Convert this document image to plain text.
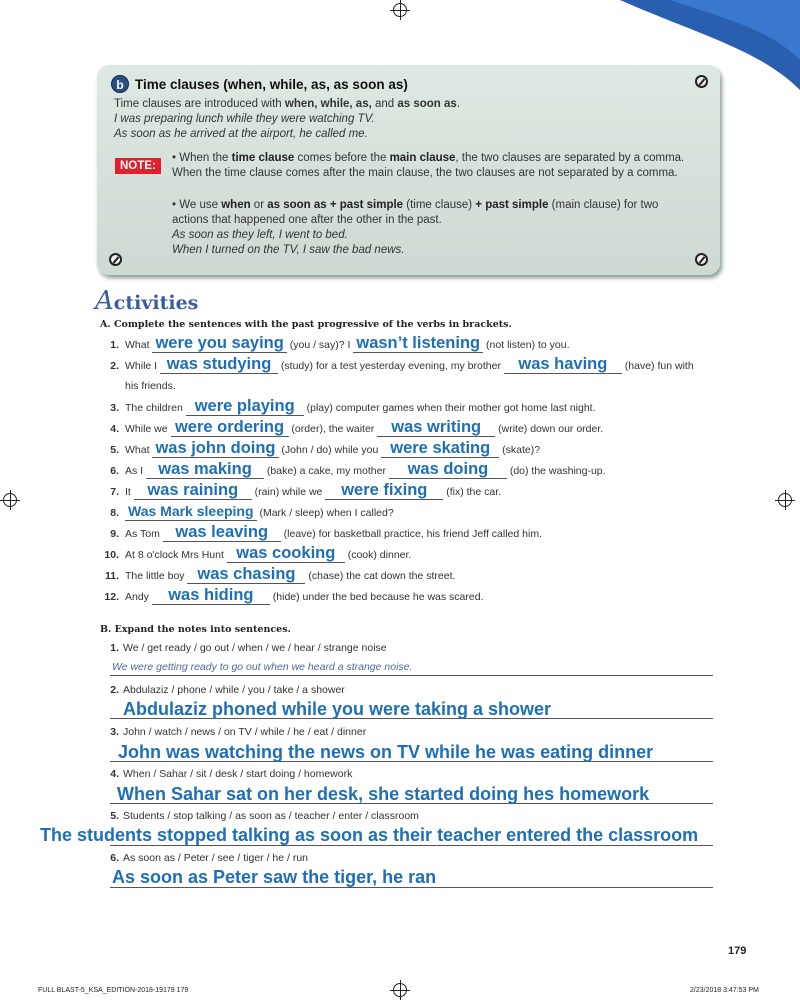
b Time clauses (when, while, as, as soon as)

Time clauses are introduced with when, while, as, and as soon as.

I was preparing lunch while they were watching TV.

As soon as he arrived at the airport, he called me.

NOTE:
• When the time clause comes before the main clause, the two clauses are separated by a comma. When the time clause comes after the main clause, the two clauses are not separated by a comma.
• We use when or as soon as + past simple (time clause) + past simple (main clause) for two actions that happened one after the other in the past.
As soon as they left, I went to bed.
When I turned on the TV, I saw the bad news.
Activities
A. Complete the sentences with the past progressive of the verbs in brackets.
1. What were you saying (you / say)? I wasn’t listening (not listen) to you.
2. While I was studying (study) for a test yesterday evening, my brother was having (have) fun with
his friends.
3. The children were playing (play) computer games when their mother got home last night.
4. While we were ordering (order), the waiter was writing (write) down our order.
5. What was john doing (John / do) while you were skating (skate)?
6. As I was making (bake) a cake, my mother was doing (do) the washing-up.
7. It was raining (rain) while we were fixing (fix) the car.
8. Was Mark sleeping (Mark / sleep) when I called?
9. As Tom was leaving (leave) for basketball practice, his friend Jeff called him.
10. At 8 o'clock Mrs Hunt was cooking (cook) dinner.
11. The little boy was chasing (chase) the cat down the street.
12. Andy was hiding (hide) under the bed because he was scared.
B. Expand the notes into sentences.
1. We / get ready / go out / when / we / hear / strange noise
We were getting ready to go out when we heard a strange noise.
2. Abdulaziz / phone / while / you / take / a shower
Abdulaziz phoned while you were taking a shower
3. John / watch / news / on TV / while / he / eat / dinner
John was watching the news on TV while he was eating dinner
4. When / Sahar / sit / desk / start doing / homework
When Sahar sat on her desk, she started doing hes homework
5. Students / stop talking / as soon as / teacher / enter / classroom
The students stopped talking as soon as their teacher entered the classroom
6. As soon as / Peter / see / tiger / he / run
As soon as Peter saw the tiger, he ran
179
FULL BLAST-5_KSA_EDITION-2018-19179 179	2/23/2018 3:47:53 PM
